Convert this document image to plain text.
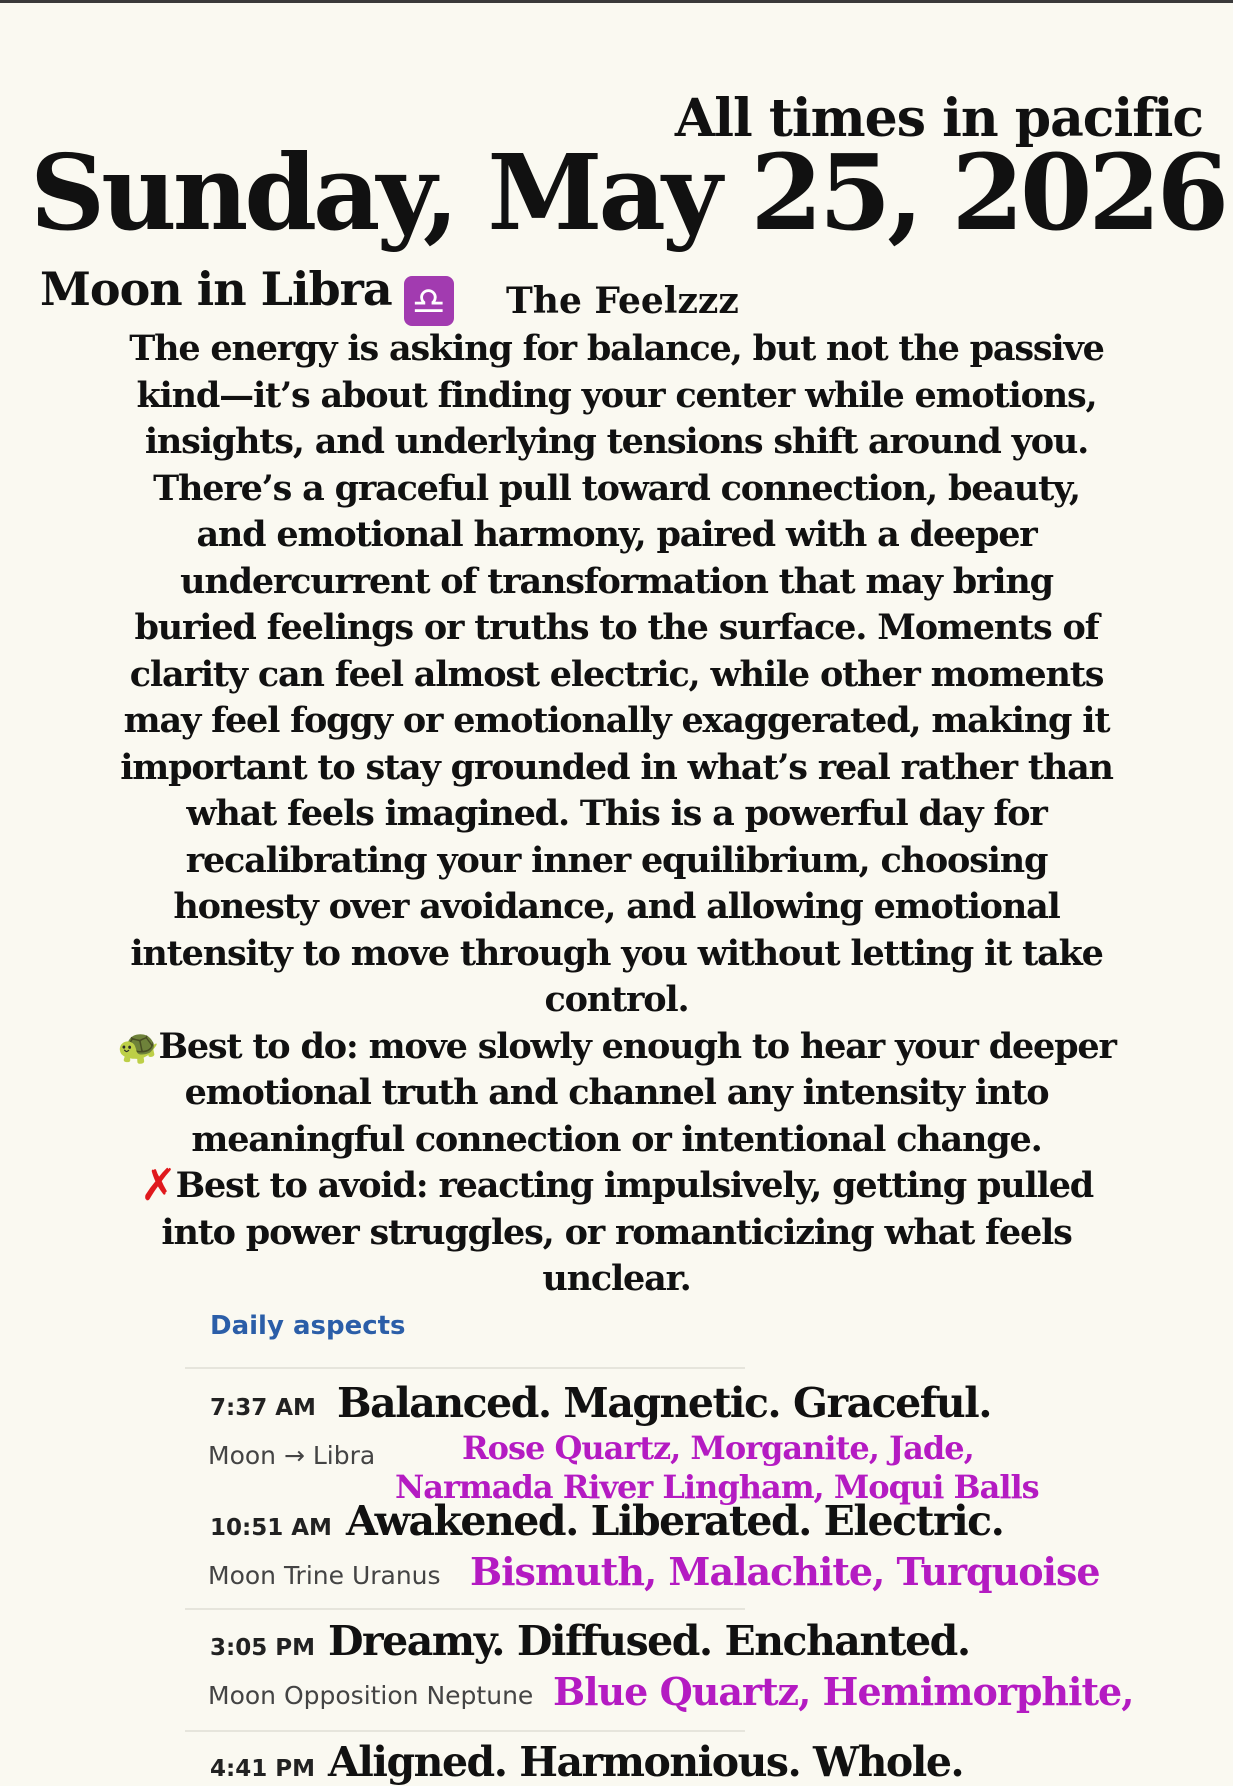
All times in pacific
Sunday, May 25, 2026
Moon in Libra ♎ The Feelzzz

The energy is asking for balance, but not the passive
kind—it’s about finding your center while emotions,
insights, and underlying tensions shift around you.
There’s a graceful pull toward connection, beauty,
and emotional harmony, paired with a deeper
undercurrent of transformation that may bring
buried feelings or truths to the surface. Moments of
clarity can feel almost electric, while other moments
may feel foggy or emotionally exaggerated, making it
important to stay grounded in what’s real rather than
what feels imagined. This is a powerful day for
recalibrating your inner equilibrium, choosing
honesty over avoidance, and allowing emotional
intensity to move through you without letting it take
control.
🐢Best to do: move slowly enough to hear your deeper
emotional truth and channel any intensity into
meaningful connection or intentional change.
✗Best to avoid: reacting impulsively, getting pulled
into power struggles, or romanticizing what feels
unclear.

Daily aspects
7:37 AM Balanced. Magnetic. Graceful.
Moon → Libra	Rose Quartz, Morganite, Jade,
Narmada River Lingham, Moqui Balls
10:51 AM Awakened. Liberated. Electric.
Moon Trine Uranus Bismuth, Malachite, Turquoise
3:05 PM Dreamy. Diffused. Enchanted.
Moon Opposition Neptune Blue Quartz, Hemimorphite,
4:41 PM Aligned. Harmonious. Whole.
